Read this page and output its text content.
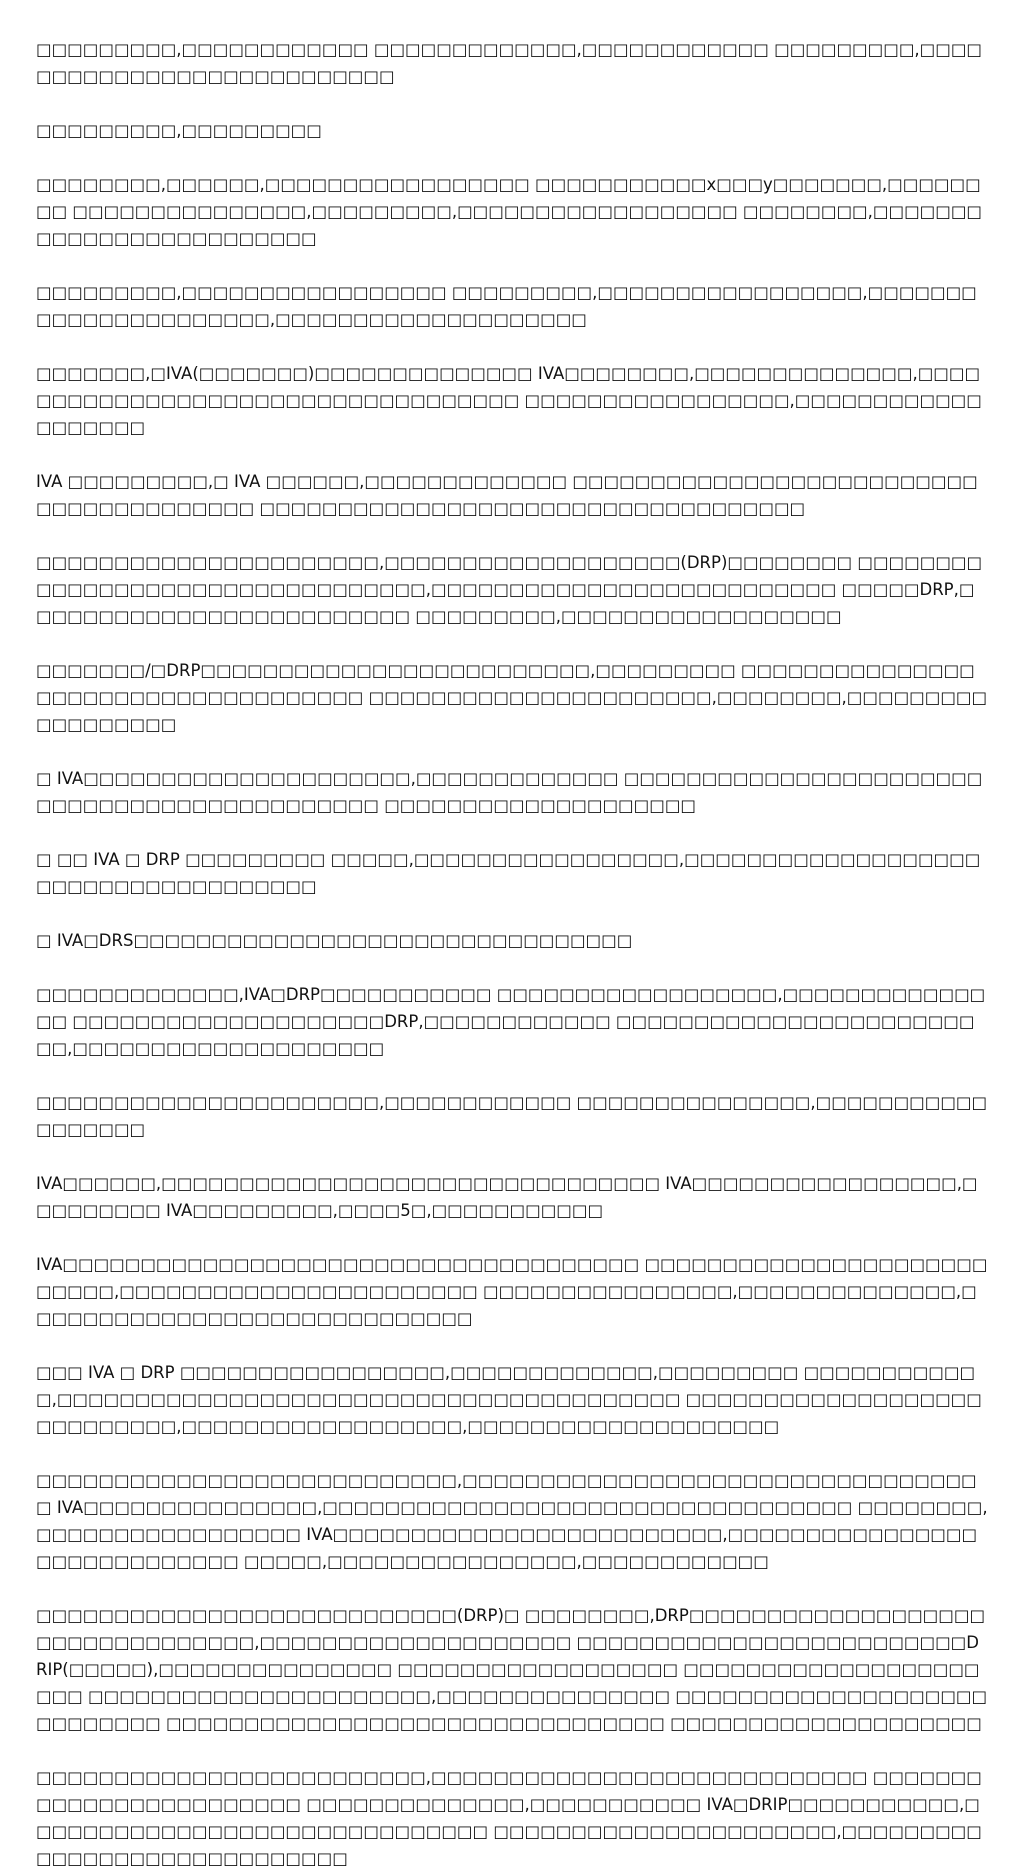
□□□□□□□□□,□□□□□□□□□□□□ □□□□□□□□□□□□□,□□□□□□□□□□□□ □□□□□□□□□,□□□□□□□□□□□□□□□□□□□□□□□□□□□

□□□□□□□□□,□□□□□□□□□

□□□□□□□□,□□□□□□,□□□□□□□□□□□□□□□□□ □□□□□□□□□□□x□□□y□□□□□□□,□□□□□□□□ □□□□□□□□□□□□□□□,□□□□□□□□□,□□□□□□□□□□□□□□□□□□ □□□□□□□□,□□□□□□□□□□□□□□□□□□□□□□□□□

□□□□□□□□□,□□□□□□□□□□□□□□□□□ □□□□□□□□□,□□□□□□□□□□□□□□□□□,□□□□□□□ □□□□□□□□□□□□□□□,□□□□□□□□□□□□□□□□□□□□

□□□□□□□,□IVA(□□□□□□□)□□□□□□□□□□□□□□ IVA□□□□□□□□,□□□□□□□□□□□□□□,□□□□□□□□□□□□□□□□□□□□□□□□□□□□□□□□□□□ □□□□□□□□□□□□□□□□□,□□□□□□□□□□□□□□□□□□□

IVA □□□□□□□□□,□ IVA □□□□□□,□□□□□□□□□□□□□ □□□□□□□□□□□□□□□□□□□□□□□□□□□□□□□□□□□□□□□□ □□□□□□□□□□□□□□□□□□□□□□□□□□□□□□□□□□□

□□□□□□□□□□□□□□□□□□□□□□,□□□□□□□□□□□□□□□□□□□(DRP)□□□□□□□□ □□□□□□□□□□□□□□□□□□□□□□□□□□□□□□□□□,□□□□□□□□□□□□□□□□□□□□□□□□□□ □□□□□DRP,□□□□□□□□□□□□□□□□□□□□□□□□□ □□□□□□□□□,□□□□□□□□□□□□□□□□□□

□□□□□□□/□DRP□□□□□□□□□□□□□□□□□□□□□□□□□,□□□□□□□□□ □□□□□□□□□□□□□□□□□□□□□□□□□□□□□□□□□□□□ □□□□□□□□□□□□□□□□□□□□□□,□□□□□□□□,□□□□□□□□□□□□□□□□□□

□ IVA□□□□□□□□□□□□□□□□□□□□□,□□□□□□□□□□□□□ □□□□□□□□□□□□□□□□□□□□□□□□□□□□□□□□□□□□□□□□□□□□□ □□□□□□□□□□□□□□□□□□□□

□ □□ IVA □ DRP □□□□□□□□□ □□□□□,□□□□□□□□□□□□□□□□□,□□□□□□□□□□□□□□□□□□□□□□□□□□□□□□□□□□□□□

□ IVA□DRS□□□□□□□□□□□□□□□□□□□□□□□□□□□□□□□□

□□□□□□□□□□□□□,IVA□DRP□□□□□□□□□□□ □□□□□□□□□□□□□□□□□□,□□□□□□□□□□□□□□□ □□□□□□□□□□□□□□□□□□□□DRP,□□□□□□□□□□□□ □□□□□□□□□□□□□□□□□□□□□□□□□,□□□□□□□□□□□□□□□□□□□□

□□□□□□□□□□□□□□□□□□□□□□,□□□□□□□□□□□□ □□□□□□□□□□□□□□□,□□□□□□□□□□□□□□□□□□

IVA□□□□□□,□□□□□□□□□□□□□□□□□□□□□□□□□□□□□□□□ IVA□□□□□□□□□□□□□□□□□,□□□□□□□□□ IVA□□□□□□□□□,□□□□5□,□□□□□□□□□□□

IVA□□□□□□□□□□□□□□□□□□□□□□□□□□□□□□□□□□□□□ □□□□□□□□□□□□□□□□□□□□□□□□□□□,□□□□□□□□□□□□□□□□□□□□□□□ □□□□□□□□□□□□□□□□,□□□□□□□□□□□□□□,□□□□□□□□□□□□□□□□□□□□□□□□□□□□□

□□□ IVA □ DRP □□□□□□□□□□□□□□□□□,□□□□□□□□□□□□□,□□□□□□□□□ □□□□□□□□□□□□,□□□□□□□□□□□□□□□□□□□□□□□□□□□□□□□□□□□□□□□□ □□□□□□□□□□□□□□□□□□□□□□□□□□□□,□□□□□□□□□□□□□□□□□□,□□□□□□□□□□□□□□□□□□□□

□□□□□□□□□□□□□□□□□□□□□□□□□□□,□□□□□□□□□□□□□□□□□□□□□□□□□□□□□□□□□□ IVA□□□□□□□□□□□□□□□,□□□□□□□□□□□□□□□□□□□□□□□□□□□□□□□□□□ □□□□□□□□,□□□□□□□□□□□□□□□□□ IVA□□□□□□□□□□□□□□□□□□□□□□□□□,□□□□□□□□□□□□□□□□□□□□□□□□□□□□□ □□□□□,□□□□□□□□□□□□□□□□,□□□□□□□□□□□□

□□□□□□□□□□□□□□□□□□□□□□□□□□□(DRP)□ □□□□□□□□,DRP□□□□□□□□□□□□□□□□□□□□□□□□□□□□□□□□□,□□□□□□□□□□□□□□□□□□□□ □□□□□□□□□□□□□□□□□□□□□□□□□DRIP(□□□□□),□□□□□□□□□□□□□□□ □□□□□□□□□□□□□□□□□□ □□□□□□□□□□□□□□□□□□□□□□ □□□□□□□□□□□□□□□□□□□□□□,□□□□□□□□□□□□□□□ □□□□□□□□□□□□□□□□□□□□□□□□□□□□ □□□□□□□□□□□□□□□□□□□□□□□□□□□□□□□□ □□□□□□□□□□□□□□□□□□□□

□□□□□□□□□□□□□□□□□□□□□□□□□,□□□□□□□□□□□□□□□□□□□□□□□□□□□□ □□□□□□□□□□□□□□□□□□□□□□□□ □□□□□□□□□□□□□□,□□□□□□□□□□□ IVA□DRIP□□□□□□□□□□□,□□□□□□□□□□□□□□□□□□□□□□□□□□□□□□ □□□□□□□□□□□□□□□□□□□□□□,□□□□□□□□□□□□□□□□□□□□□□□□□□□□□
